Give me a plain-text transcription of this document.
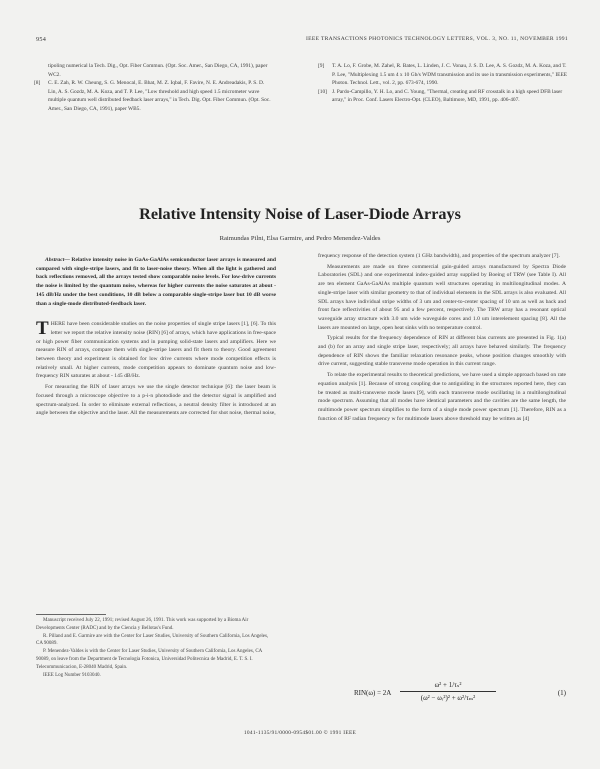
954	IEEE TRANSACTIONS PHOTONICS TECHNOLOGY LETTERS, VOL. 3, NO. 11, NOVEMBER 1991
tipoling numerical la Tech. Dig., Opt. Fiber Commun. (Opt. Soc. Amer., San Diego, CA, 1991), paper WC2.
[8]	C. E. Zah, R. W. Cheung, S. G. Menocal, E. Bhat, M. Z. Iqbal, F. Favire, N. E. Andreadakis, P. S. D. Lin, A. S. Gozdz, M. A. Koza, and T. P. Lee, "Low threshold and high speed 1.5 micrometer wave multiple quantum well distributed feedback laser arrays," in Tech. Dig. Opt. Fiber Commun. (Opt. Soc. Amer., San Diego, CA, 1991), paper WB5.
[9]	T. A. Lo, F. Grobe, M. Zahel, R. Bates, L. Linden, J. C. Vonau, J. S. D. Lee, A. S. Gozdz, M. A. Koza, and T. P. Lee, "Multiplexing 1.5 um 4 x 10 Gb/s WDM transmission and its use in transmission experiments," IEEE Photon. Technol. Lett., vol. 2, pp. 673-674, 1990.
[10] J. Pardo-Campillo, Y. H. Lo, and C. Young, "Thermal, creating and RF crosstalk in a high speed DFB laser array," in Proc. Conf. Lasers Electro-Opt. (CLEO), Baltimore, MD, 1991, pp. 406-407.
Relative Intensity Noise of Laser-Diode Arrays
Raimundas Pilni, Elsa Garmire, and Pedro Menendez-Valdes

Abstract— Relative intensity noise in GaAs-GaAlAs semiconductor laser arrays is measured and compared with single-stripe lasers, and fit to laser-noise theory. When all the light is gathered and back reflections removed, all the arrays tested show comparable noise levels. For low-drive currents the noise is limited by the quantum noise, whereas for higher currents the noise saturates at about - 145 dB/Hz under the best conditions, 10 dB below a comparable single-stripe laser but 10 dB worse than a single-mode distributed-feedback laser.

THERE have been considerable studies on the noise properties of single stripe lasers [1], [6]. To this letter we report the relative intensity noise (RIN) [6] of arrays, which have applications in free-space or high power fiber communication systems and in pumping solid-state lasers and amplifiers. Here we measure RIN of arrays, compare them with single-stripe lasers and fit them to theory. Good agreement between theory and experiment is obtained for low drive currents where mode competition effects is relatively small. At higher currents, mode competition appears to dominate quantum noise and low-frequency RIN saturates at about - 145 dB/Hz.

For measuring the RIN of laser arrays we use the single detector technique [6]: the laser beam is focused through a microscope objective to a p-i-n photodiode and the detector signal is amplified and spectrum-analyzed. In order to eliminate external reflections, a neutral density filter is introduced at an angle between the objective and the laser. All the measurements are corrected for shot noise, thermal noise,

Manuscript received July 22, 1991; revised August 26, 1991. This work was supported by a Bioma Air Developments Center (RADC) and by the Ciencia y Bellotas's Fund.

R. Pilland and E. Garmire are with the Center for Laser Studies, University of Southern California, Los Angeles, CA 90089.

P. Menendez-Valdes is with the Center for Laser Studies, University of Southern California, Los Angeles, CA 90089, on leave from the Department de Tecnologia Fotonica, Universidad Politecnica de Madrid, E. T. S. I. Telecommunicacion, E-28040 Madrid, Spain.

IEEE Log Number 9103040.

frequency response of the detection system (1 GHz bandwidth), and properties of the spectrum analyzer [7].

Measurements are made on three commercial gain-guided arrays manufactured by Spectra Diode Laboratories (SDL) and one experimental index-guided array supplied by Boeing of TRW (see Table I). All are ten element GaAs-GaAlAs multiple quantum well structures operating in multilongitudinal modes. A single-stripe laser with similar geometry to that of individual elements in the SDL arrays is also evaluated. All SDL arrays have individual stripe widths of 3 um and center-to-center spacing of 10 um as well as back and front face reflectivities of about 95 and a few percent, respectively. The TRW array has a resonant optical waveguide array structure with 3.0 um wide waveguide cores and 1.0 um interelement spacing [8]. All the lasers are mounted on large, open heat sinks with no temperature control.

Typical results for the frequency dependence of RIN at different bias currents are presented in Fig. 1(a) and (b) for an array and single stripe laser, respectively; all arrays have behaved similarly. The frequency dependence of RIN shows the familiar relaxation resonance peaks, whose position changes smoothly with drive current, suggesting stable transverse mode operation in this current range.

To relate the experimental results to theoretical predictions, we have used a simple approach based on rate equation analysis [1]. Because of strong coupling due to antiguiding in the structures reported here, they can be treated as multi-transverse mode lasers [9], with each transverse mode oscillating in a multilongitudinal mode spectrum. Assuming that all modes have identical parameters and the cavities are the same length, the multimode power spectrum simplifies to the form of a single mode power spectrum [1]. Therefore, RIN as a function of RF radian frequency w for multimode lasers above threshold may be written as [4]

RIN(ω) = 2A
ω² + 1/τₛ²
(ω² − ωᵣ²)² + ω²/τₘ²
(1)
1041-1135/91/0000-0954$01.00 © 1991 IEEE
